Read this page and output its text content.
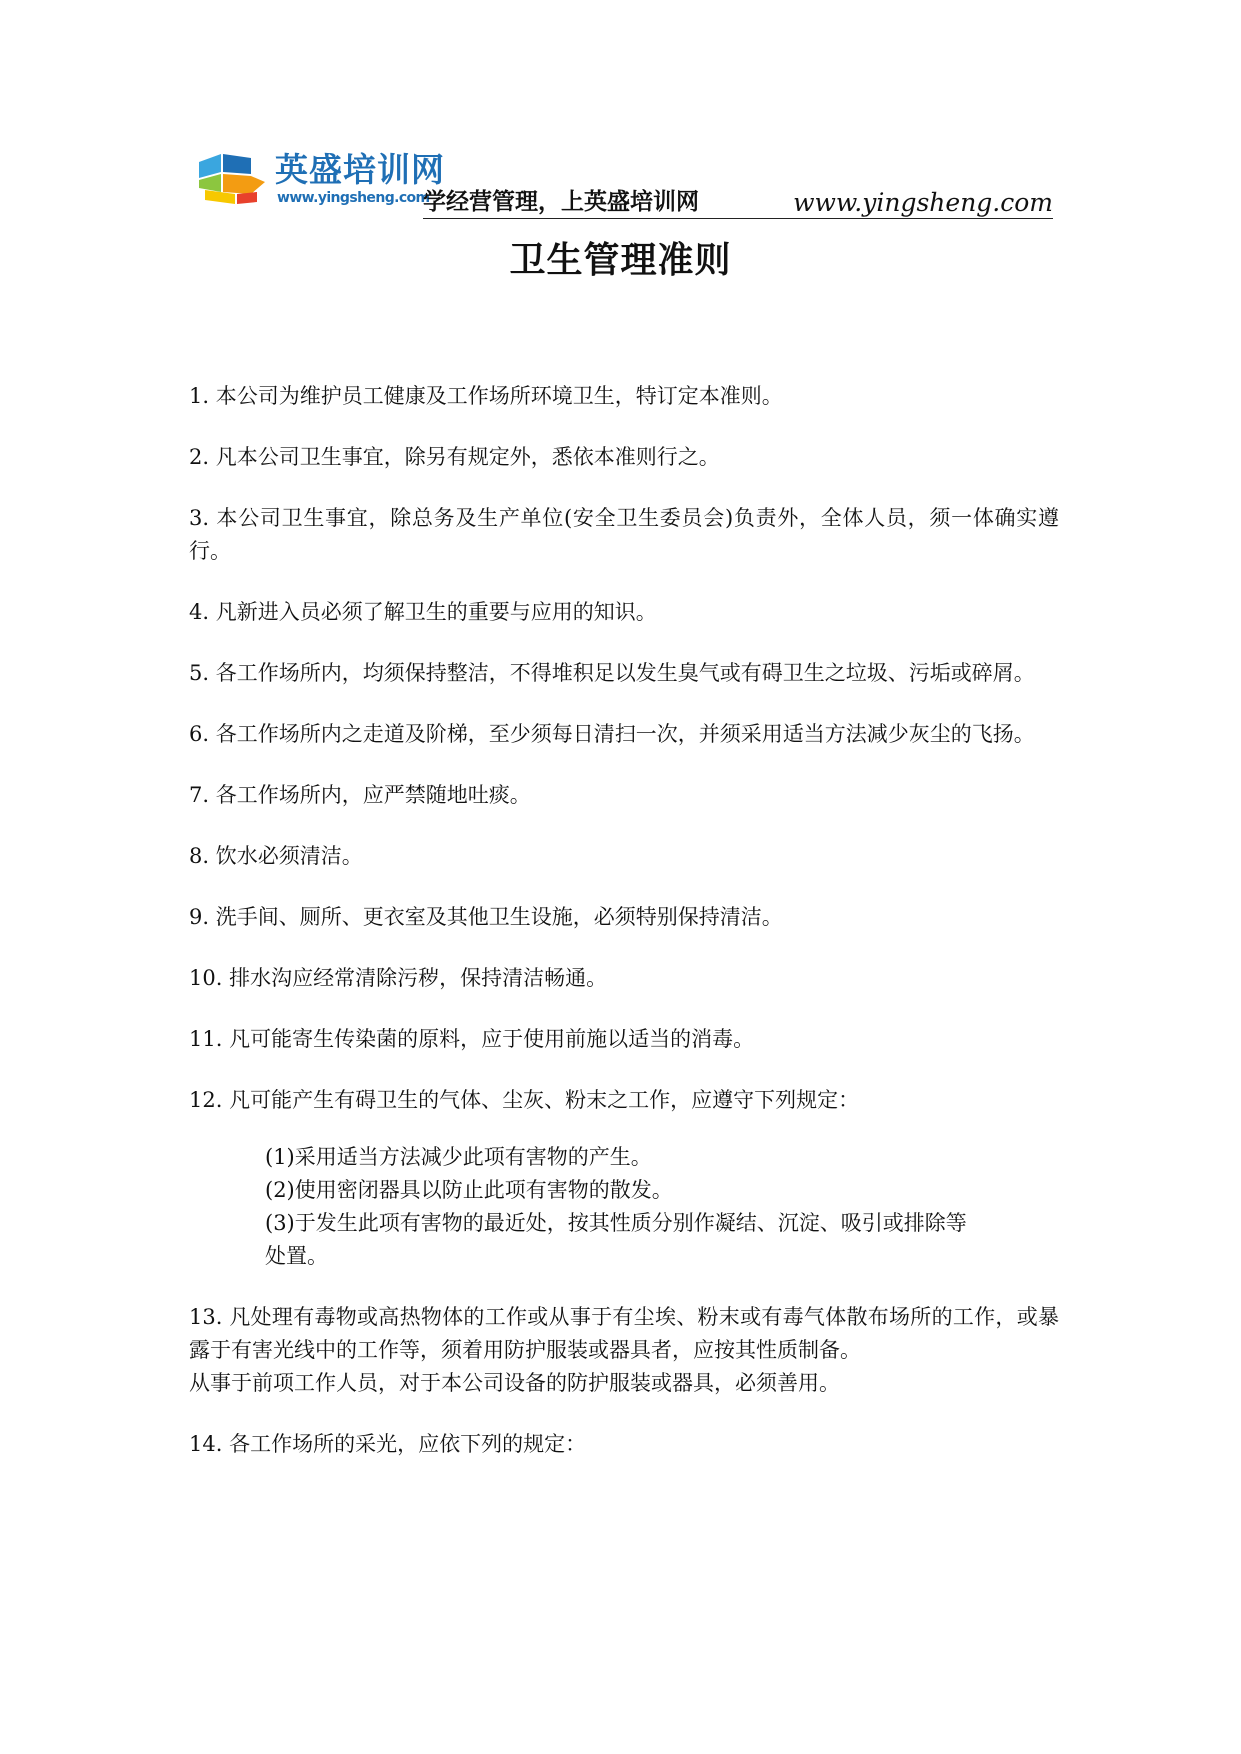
英盛培训网
www.yingsheng.com
学经营管理，上英盛培训网	www.yingsheng.com
卫生管理准则

1. 本公司为维护员工健康及工作场所环境卫生，特订定本准则。

2. 凡本公司卫生事宜，除另有规定外，悉依本准则行之。

3. 本公司卫生事宜，除总务及生产单位(安全卫生委员会)负责外，全体人员，须一体确实遵行。

4. 凡新进入员必须了解卫生的重要与应用的知识。

5. 各工作场所内，均须保持整洁，不得堆积足以发生臭气或有碍卫生之垃圾、污垢或碎屑。

6. 各工作场所内之走道及阶梯，至少须每日清扫一次，并须采用适当方法减少灰尘的飞扬。

7. 各工作场所内，应严禁随地吐痰。

8. 饮水必须清洁。

9. 洗手间、厕所、更衣室及其他卫生设施，必须特别保持清洁。

10. 排水沟应经常清除污秽，保持清洁畅通。

11. 凡可能寄生传染菌的原料，应于使用前施以适当的消毒。

12. 凡可能产生有碍卫生的气体、尘灰、粉末之工作，应遵守下列规定：

(1)采用适当方法减少此项有害物的产生。
(2)使用密闭器具以防止此项有害物的散发。
(3)于发生此项有害物的最近处，按其性质分别作凝结、沉淀、吸引或排除等处置。

13. 凡处理有毒物或高热物体的工作或从事于有尘埃、粉末或有毒气体散布场所的工作，或暴露于有害光线中的工作等，须着用防护服装或器具者，应按其性质制备。

从事于前项工作人员，对于本公司设备的防护服装或器具，必须善用。

14. 各工作场所的采光，应依下列的规定：
